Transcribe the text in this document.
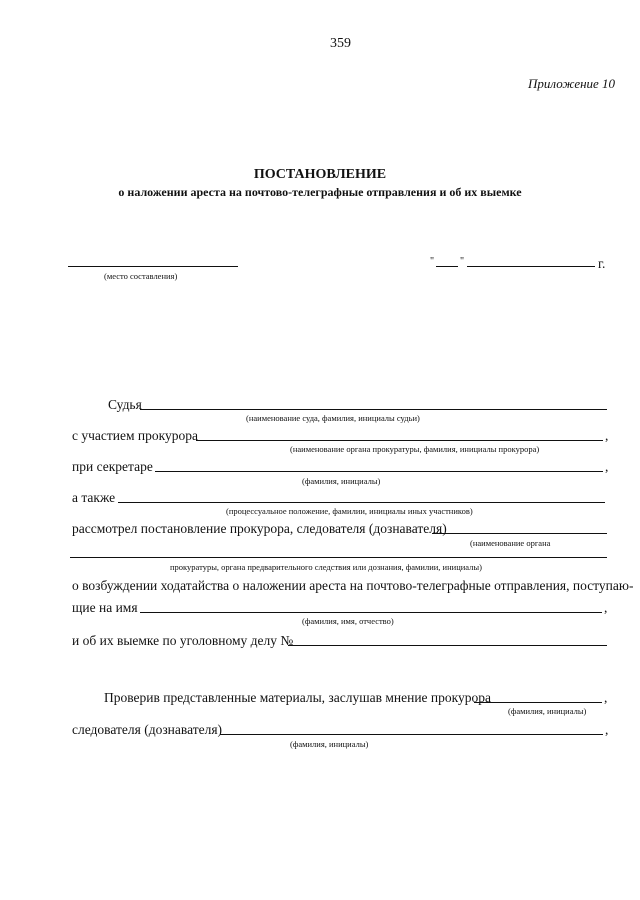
359
Приложение 10
ПОСТАНОВЛЕНИЕ
о наложении ареста на почтово-телеграфные отправления и об их выемке
(место составления)
"	"	г.
Судья
(наименование суда, фамилия, инициалы судьи)
с участием прокурора	,
(наименование органа прокуратуры, фамилия, инициалы прокурора)
при секретаре	,
(фамилия, инициалы)
а также
(процессуальное положение, фамилии, инициалы иных участников)
рассмотрел постановление прокурора, следователя (дознавателя)
(наименование органа
прокуратуры, органа предварительного следствия или дознания, фамилии, инициалы)
о возбуждении ходатайства о наложении ареста на почтово-телеграфные отправления, поступаю-
щие на имя	,
(фамилия, имя, отчество)
и об их выемке по уголовному делу №
Проверив представленные материалы, заслушав мнение прокурора	,
(фамилия, инициалы)
следователя (дознавателя)	,
(фамилия, инициалы)
